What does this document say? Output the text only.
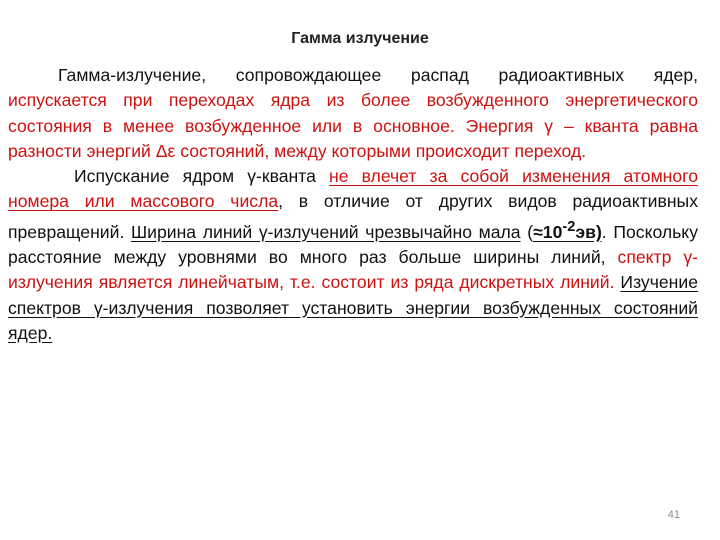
Гамма излучение

Гамма-излучение, сопровождающее распад радиоактивных ядер, испускается при переходах ядра из более возбужденного энергетического состояния в менее возбужденное или в основное. Энергия γ – кванта равна разности энергий Δε состояний, между которыми происходит переход.

Испускание ядром γ-кванта не влечет за собой изменения атомного номера или массового числа, в отличие от других видов радиоактивных превращений. Ширина линий γ-излучений чрезвычайно мала $(\approx 10^{-2}эв)$. Поскольку расстояние между уровнями во много раз больше ширины линий, спектр γ-излучения является линейчатым, т.е. состоит из ряда дискретных линий. Изучение спектров γ-излучения позволяет установить энергии возбужденных состояний ядер.

41
